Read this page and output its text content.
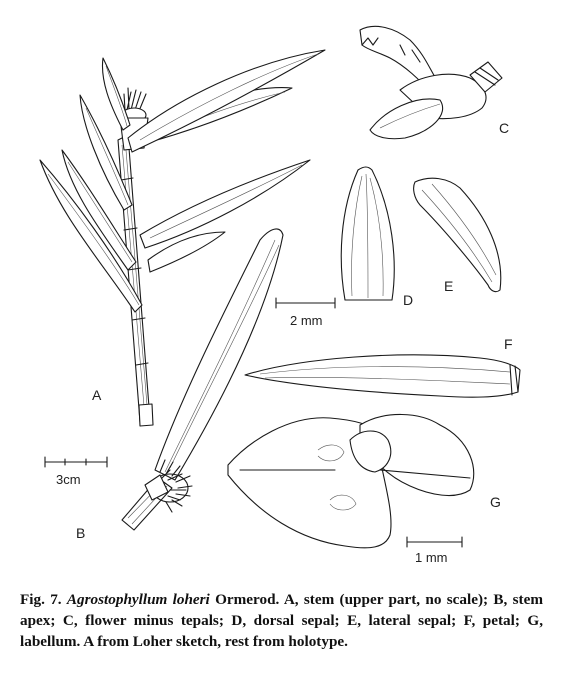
A
B
C
D
E
F
G
3cm
2 mm
1 mm
Fig. 7. Agrostophyllum loheri Ormerod. A, stem (upper part, no scale); B, stem apex; C, flower minus tepals; D, dorsal sepal; E, lateral sepal; F, petal; G, labellum. A from Loher sketch, rest from holotype.
